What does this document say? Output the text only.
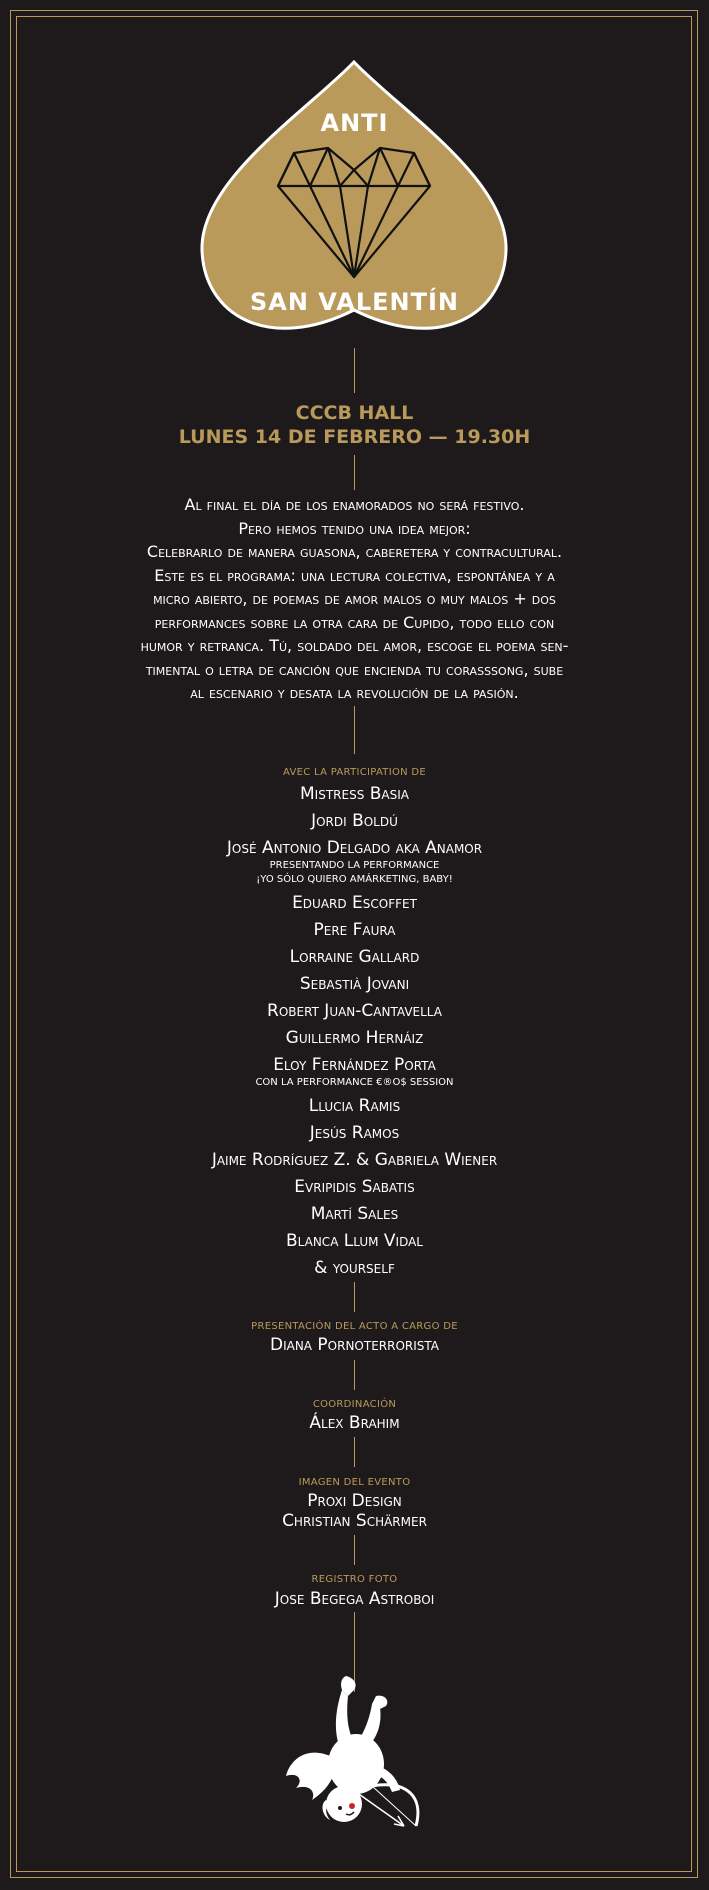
ANTI
SAN VALENTÍN
CCCB HALL
LUNES 14 DE FEBRERO — 19.30H
Al final el día de los enamorados no será festivo.
Pero hemos tenido una idea mejor:
Celebrarlo de manera guasona, caberetera y contracultural.
Este es el programa: una lectura colectiva, espontánea y a
micro abierto, de poemas de amor malos o muy malos + dos
performances sobre la otra cara de Cupido, todo ello con
humor y retranca. Tú, soldado del amor, escoge el poema sen-
timental o letra de canción que encienda tu corasssong, sube
al escenario y desata la revolución de la pasión.
AVEC LA PARTICIPATION DE
Mistress Basia
Jordi Boldú
José Antonio Delgado aka Anamor
PRESENTANDO LA PERFORMANCE
¡YO SÓLO QUIERO AMÁRKETING, BABY!
Eduard Escoffet
Pere Faura
Lorraine Gallard
Sebastià Jovani
Robert Juan-Cantavella
Guillermo Hernáiz
Eloy Fernández Porta
CON LA PERFORMANCE €®O$ SESSION
Llucia Ramis
Jesús Ramos
Jaime Rodríguez Z. & Gabriela Wiener
Evripidis Sabatis
Martí Sales
Blanca Llum Vidal
& yourself
PRESENTACIÓN DEL ACTO A CARGO DE
Diana Pornoterrorista
COORDINACIÓN
Álex Brahim
IMAGEN DEL EVENTO
Proxi Design
Christian Schärmer
REGISTRO FOTO
Jose Begega Astroboi
